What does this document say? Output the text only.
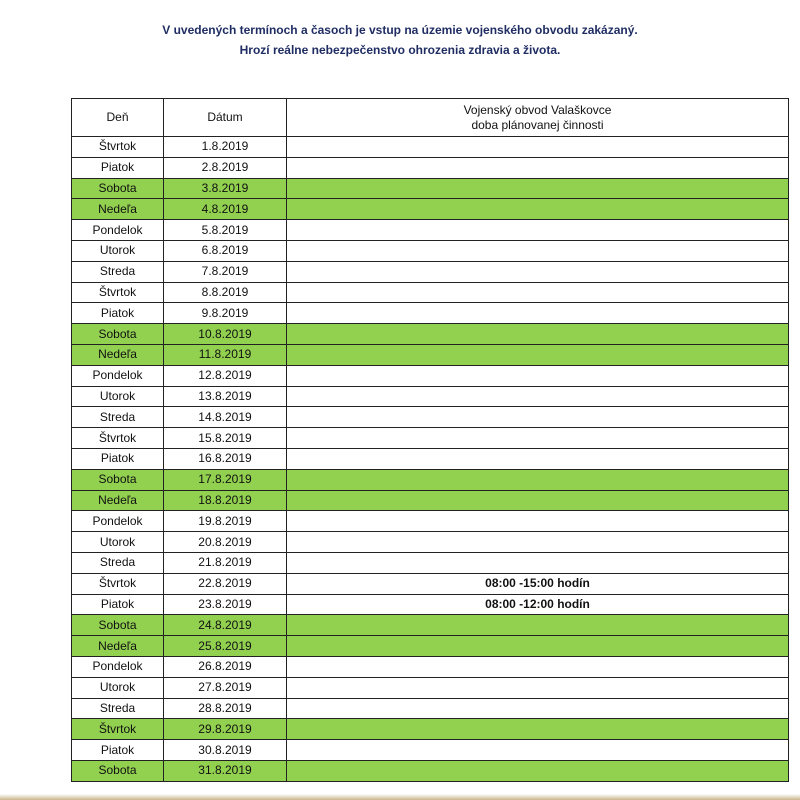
V uvedených termínoch a časoch je vstup na územie vojenského obvodu zakázaný.
Hrozí reálne nebezpečenstvo ohrozenia zdravia a života.
Deň	Dátum	Vojenský obvod Valaškovce
doba plánovanej činnosti

Štvrtok	1.8.2019	
Piatok	2.8.2019	
Sobota	3.8.2019	
Nedeľa	4.8.2019	
Pondelok	5.8.2019	
Utorok	6.8.2019	
Streda	7.8.2019	
Štvrtok	8.8.2019	
Piatok	9.8.2019	
Sobota	10.8.2019	
Nedeľa	11.8.2019	
Pondelok	12.8.2019	
Utorok	13.8.2019	
Streda	14.8.2019	
Štvrtok	15.8.2019	
Piatok	16.8.2019	
Sobota	17.8.2019	
Nedeľa	18.8.2019	
Pondelok	19.8.2019	
Utorok	20.8.2019	
Streda	21.8.2019	
Štvrtok	22.8.2019	08:00 -15:00 hodín
Piatok	23.8.2019	08:00 -12:00 hodín
Sobota	24.8.2019	
Nedeľa	25.8.2019	
Pondelok	26.8.2019	
Utorok	27.8.2019	
Streda	28.8.2019	
Štvrtok	29.8.2019	
Piatok	30.8.2019	
Sobota	31.8.2019	
